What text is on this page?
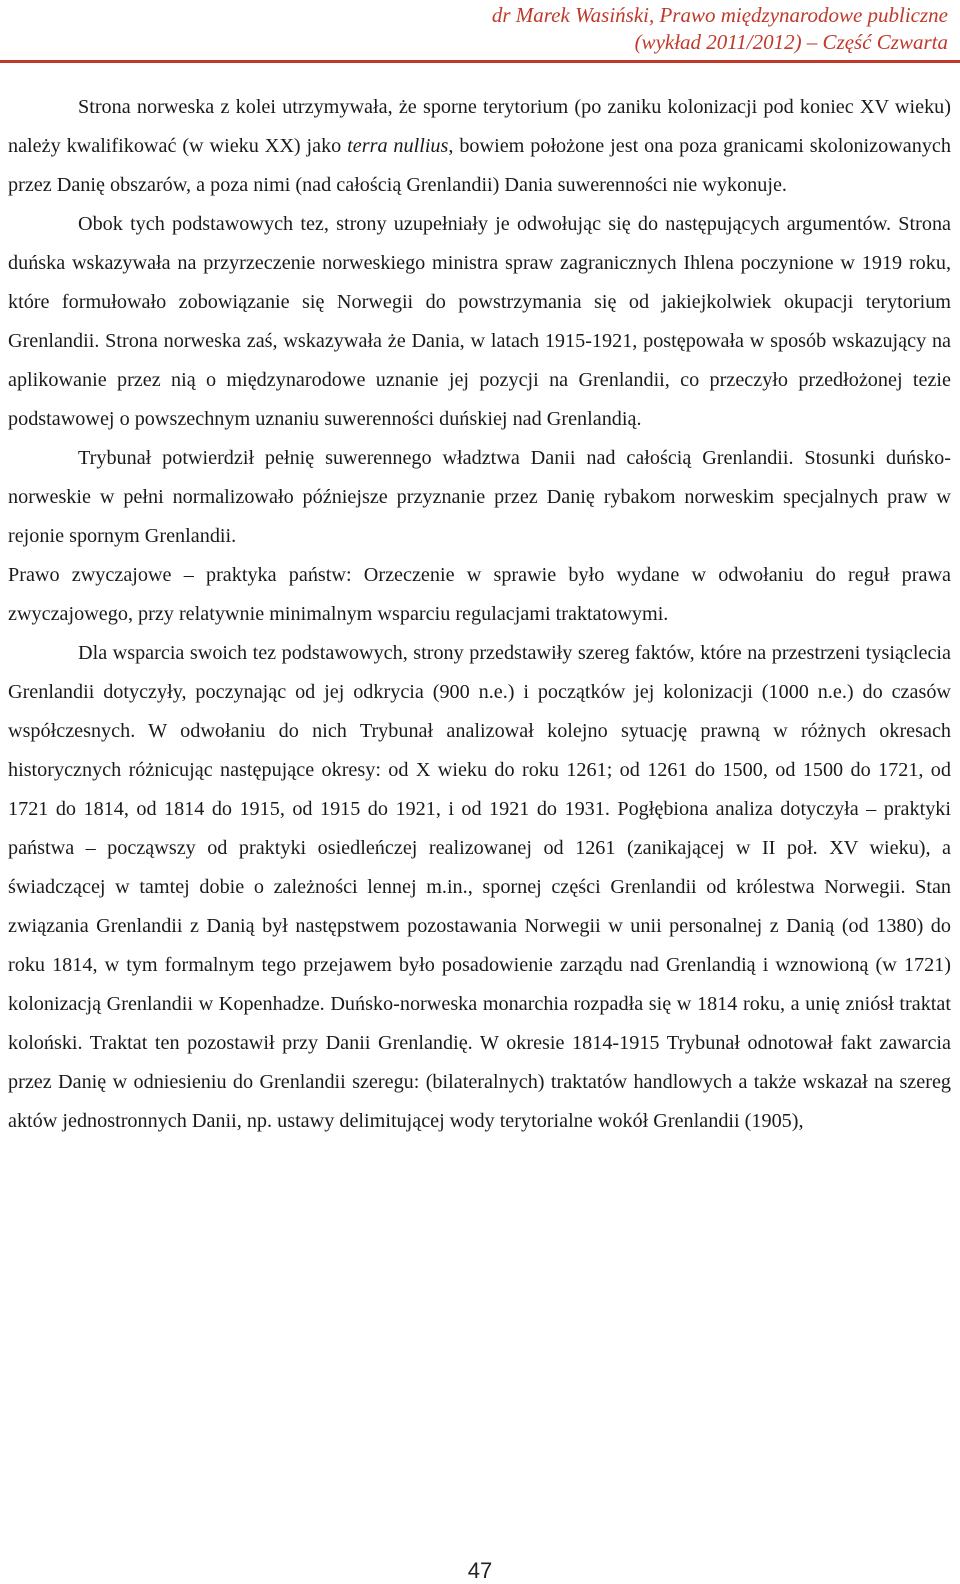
dr Marek Wasiński, Prawo międzynarodowe publiczne
(wykład 2011/2012) – Część Czwarta

Strona norweska z kolei utrzymywała, że sporne terytorium (po zaniku kolonizacji pod koniec XV wieku) należy kwalifikować (w wieku XX) jako terra nullius, bowiem położone jest ona poza granicami skolonizowanych przez Danię obszarów, a poza nimi (nad całością Grenlandii) Dania suwerenności nie wykonuje.

Obok tych podstawowych tez, strony uzupełniały je odwołując się do następujących argumentów. Strona duńska wskazywała na przyrzeczenie norweskiego ministra spraw zagranicznych Ihlena poczynione w 1919 roku, które formułowało zobowiązanie się Norwegii do powstrzymania się od jakiejkolwiek okupacji terytorium Grenlandii. Strona norweska zaś, wskazywała że Dania, w latach 1915-1921, postępowała w sposób wskazujący na aplikowanie przez nią o międzynarodowe uznanie jej pozycji na Grenlandii, co przeczyło przedłożonej tezie podstawowej o powszechnym uznaniu suwerenności duńskiej nad Grenlandią.

Trybunał potwierdził pełnię suwerennego władztwa Danii nad całością Grenlandii. Stosunki duńsko-norweskie w pełni normalizowało późniejsze przyznanie przez Danię rybakom norweskim specjalnych praw w rejonie spornym Grenlandii.

Prawo zwyczajowe – praktyka państw: Orzeczenie w sprawie było wydane w odwołaniu do reguł prawa zwyczajowego, przy relatywnie minimalnym wsparciu regulacjami traktatowymi.

Dla wsparcia swoich tez podstawowych, strony przedstawiły szereg faktów, które na przestrzeni tysiąclecia Grenlandii dotyczyły, poczynając od jej odkrycia (900 n.e.) i początków jej kolonizacji (1000 n.e.) do czasów współczesnych. W odwołaniu do nich Trybunał analizował kolejno sytuację prawną w różnych okresach historycznych różnicując następujące okresy: od X wieku do roku 1261; od 1261 do 1500, od 1500 do 1721, od 1721 do 1814, od 1814 do 1915, od 1915 do 1921, i od 1921 do 1931. Pogłębiona analiza dotyczyła – praktyki państwa – począwszy od praktyki osiedleńczej realizowanej od 1261 (zanikającej w II poł. XV wieku), a świadczącej w tamtej dobie o zależności lennej m.in., spornej części Grenlandii od królestwa Norwegii. Stan związania Grenlandii z Danią był następstwem pozostawania Norwegii w unii personalnej z Danią (od 1380) do roku 1814, w tym formalnym tego przejawem było posadowienie zarządu nad Grenlandią i wznowioną (w 1721) kolonizacją Grenlandii w Kopenhadze. Duńsko-norweska monarchia rozpadła się w 1814 roku, a unię zniósł traktat koloński. Traktat ten pozostawił przy Danii Grenlandię. W okresie 1814-1915 Trybunał odnotował fakt zawarcia przez Danię w odniesieniu do Grenlandii szeregu: (bilateralnych) traktatów handlowych a także wskazał na szereg aktów jednostronnych Danii, np. ustawy delimitującej wody terytorialne wokół Grenlandii (1905),

47
